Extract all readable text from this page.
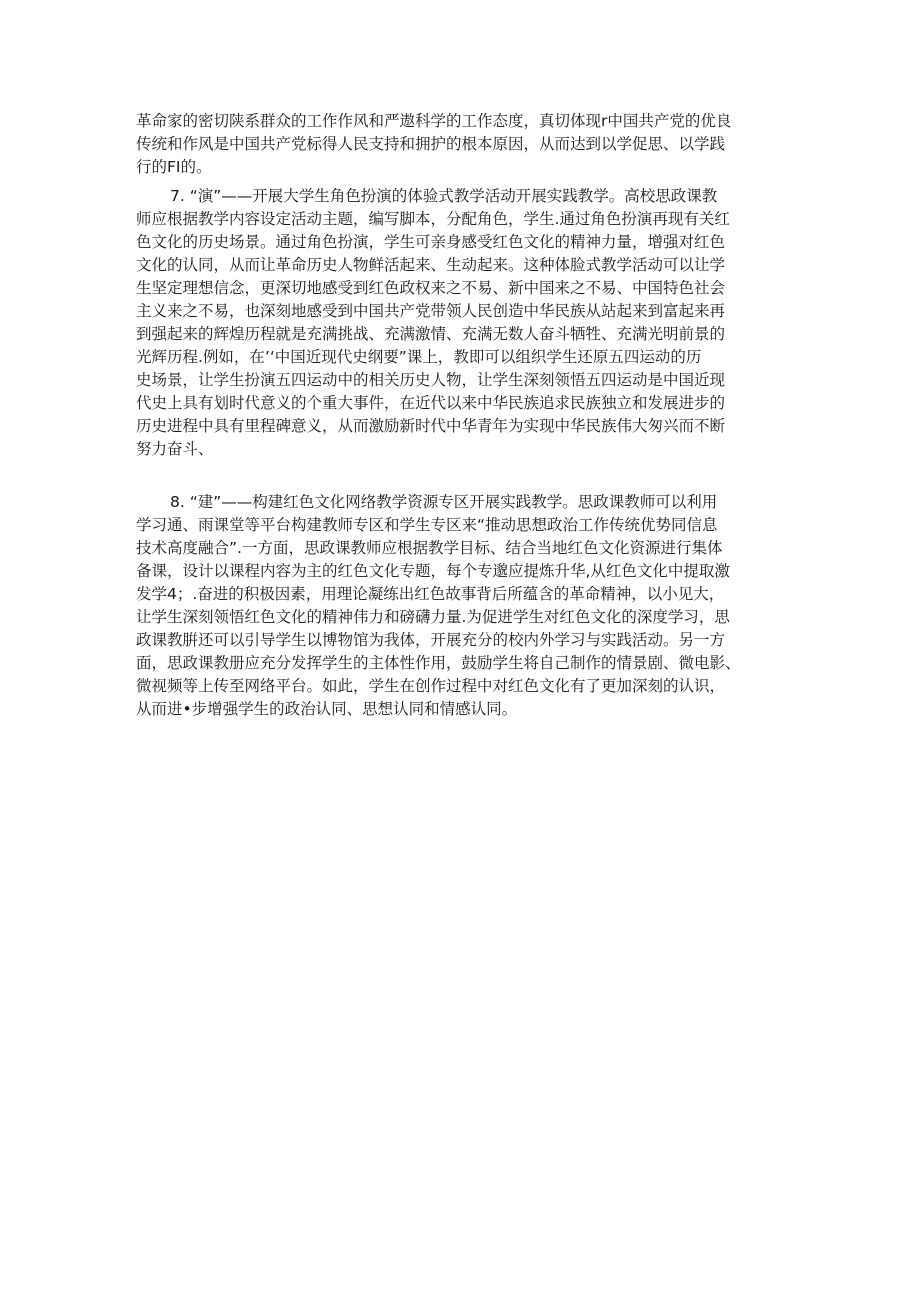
革命家的密切陕系群众的工作作风和严遨科学的工作态度，真切体现r中国共产党的优良
传统和作风是中国共产党标得人民支持和拥护的根本原因，从而达到以学促思、以学践
行的FI的。
7. “演”——开展大学生角色扮演的体验式教学活动开展实践教学。高校思政课教
师应根据教学内容设定活动主题，编写脚本，分配角色，学生.通过角色扮演再现有关红
色文化的历史场景。通过角色扮演，学生可亲身感受红色文化的精神力量，增强对红色
文化的认同，从而让革命历史人物鲜活起来、生动起来。这种体脸式教学活动可以让学
生坚定理想信念，更深切地感受到红色政权来之不易、新中国来之不易、中国特色社会
主义来之不易，也深刻地感受到中国共产党带领人民创造中华民族从站起来到富起来再
到强起来的辉煌历程就是充满挑战、充满激情、充满无数人奋斗牺牲、充满光明前景的
光辉历程.例如，在’‘中国近现代史纲要”课上，教即可以组织学生还原五四运动的历
史场景，让学生扮演五四运动中的相关历史人物，让学生深刻领悟五四运动是中国近现
代史上具有划时代意义的个重大事件，在近代以来中华民族追求民族独立和发展进步的
历史进程中具有里程碑意义，从而激励新时代中华青年为实现中华民族伟大匆兴而不断
努力奋斗、
8. “建”——构建红色文化网络教学资源专区开展实践教学。思政课教师可以利用
学习通、雨课堂等平台构建教师专区和学生专区来“推动思想政治工作传统优势同信息
技术高度融合”.一方面，思政课教师应根据教学目标、结合当地红色文化资源进行集体
备课，设计以课程内容为主的红色文化专题，每个专邈应提炼升华,从红色文化中提取激
发学4；.奋进的积极因素，用理论凝练出红色故事背后所蕴含的革命精神，以小见大，
让学生深刻领悟红色文化的精神伟力和磅礴力量.为促进学生对红色文化的深度学习，思
政课教腁还可以引导学生以博物馆为我体，开展充分的校内外学习与实践活动。另一方
面，思政课教册应充分发挥学生的主体性作用，鼓励学生将自己制作的情景剧、微电影、
微视频等上传至网络平台。如此，学生在创作过程中对红色文化有了更加深刻的认识，
从而进•步增强学生的政治认同、思想认同和情感认同。
